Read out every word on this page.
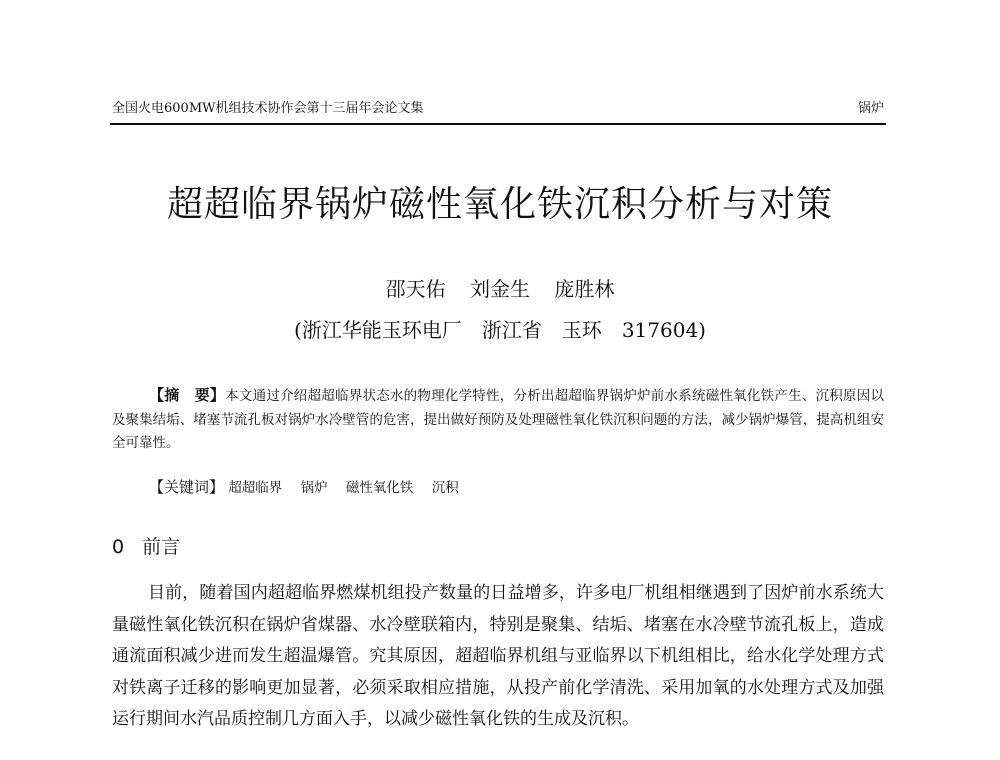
全国火电600MW机组技术协作会第十三届年会论文集	锅炉
超超临界锅炉磁性氧化铁沉积分析与对策
邵天佑 刘金生 庞胜林
(浙江华能玉环电厂　浙江省　玉环　317604)
【摘　要】本文通过介绍超超临界状态水的物理化学特性，分析出超超临界锅炉炉前水系统磁性氧化铁产生、沉积原因以及聚集结垢、堵塞节流孔板对锅炉水冷壁管的危害，提出做好预防及处理磁性氧化铁沉积问题的方法，减少锅炉爆管，提高机组安全可靠性。
【关键词】 超超临界 锅炉 磁性氧化铁 沉积
0 前言
目前，随着国内超超临界燃煤机组投产数量的日益增多，许多电厂机组相继遇到了因炉前水系统大量磁性氧化铁沉积在锅炉省煤器、水冷壁联箱内，特别是聚集、结垢、堵塞在水冷壁节流孔板上，造成通流面积减少进而发生超温爆管。究其原因，超超临界机组与亚临界以下机组相比，给水化学处理方式对铁离子迁移的影响更加显著，必须采取相应措施，从投产前化学清洗、采用加氧的水处理方式及加强运行期间水汽品质控制几方面入手，以减少磁性氧化铁的生成及沉积。
